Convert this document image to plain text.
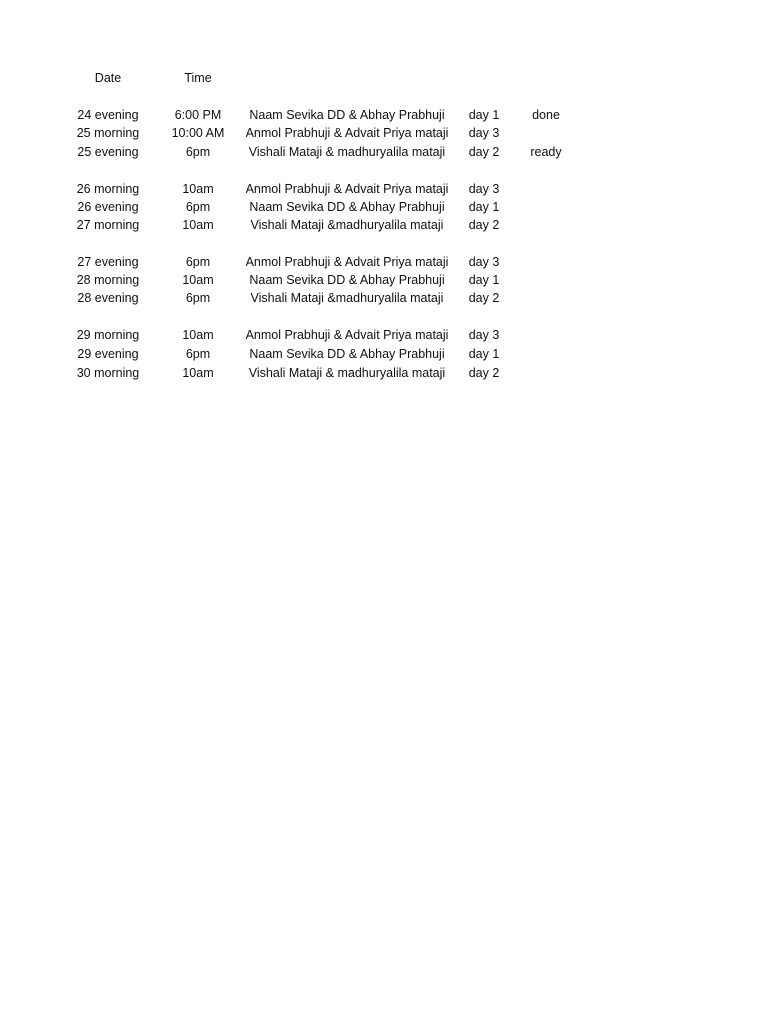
Date	Time
24 evening	6:00 PM	Naam Sevika DD & Abhay Prabhuji	day 1	done
25 morning	10:00 AM	Anmol Prabhuji & Advait Priya mataji	day 3
25 evening	6pm	Vishali Mataji & madhuryalila mataji	day 2	ready
26 morning	10am	Anmol Prabhuji & Advait Priya mataji	day 3
26 evening	6pm	Naam Sevika DD & Abhay Prabhuji	day 1
27 morning	10am	Vishali Mataji &madhuryalila mataji	day 2
27 evening	6pm	Anmol Prabhuji & Advait Priya mataji	day 3
28 morning	10am	Naam Sevika DD & Abhay Prabhuji	day 1
28 evening	6pm	Vishali Mataji &madhuryalila mataji	day 2
29 morning	10am	Anmol Prabhuji & Advait Priya mataji	day 3
29 evening	6pm	Naam Sevika DD & Abhay Prabhuji	day 1
30 morning	10am	Vishali Mataji & madhuryalila mataji	day 2
